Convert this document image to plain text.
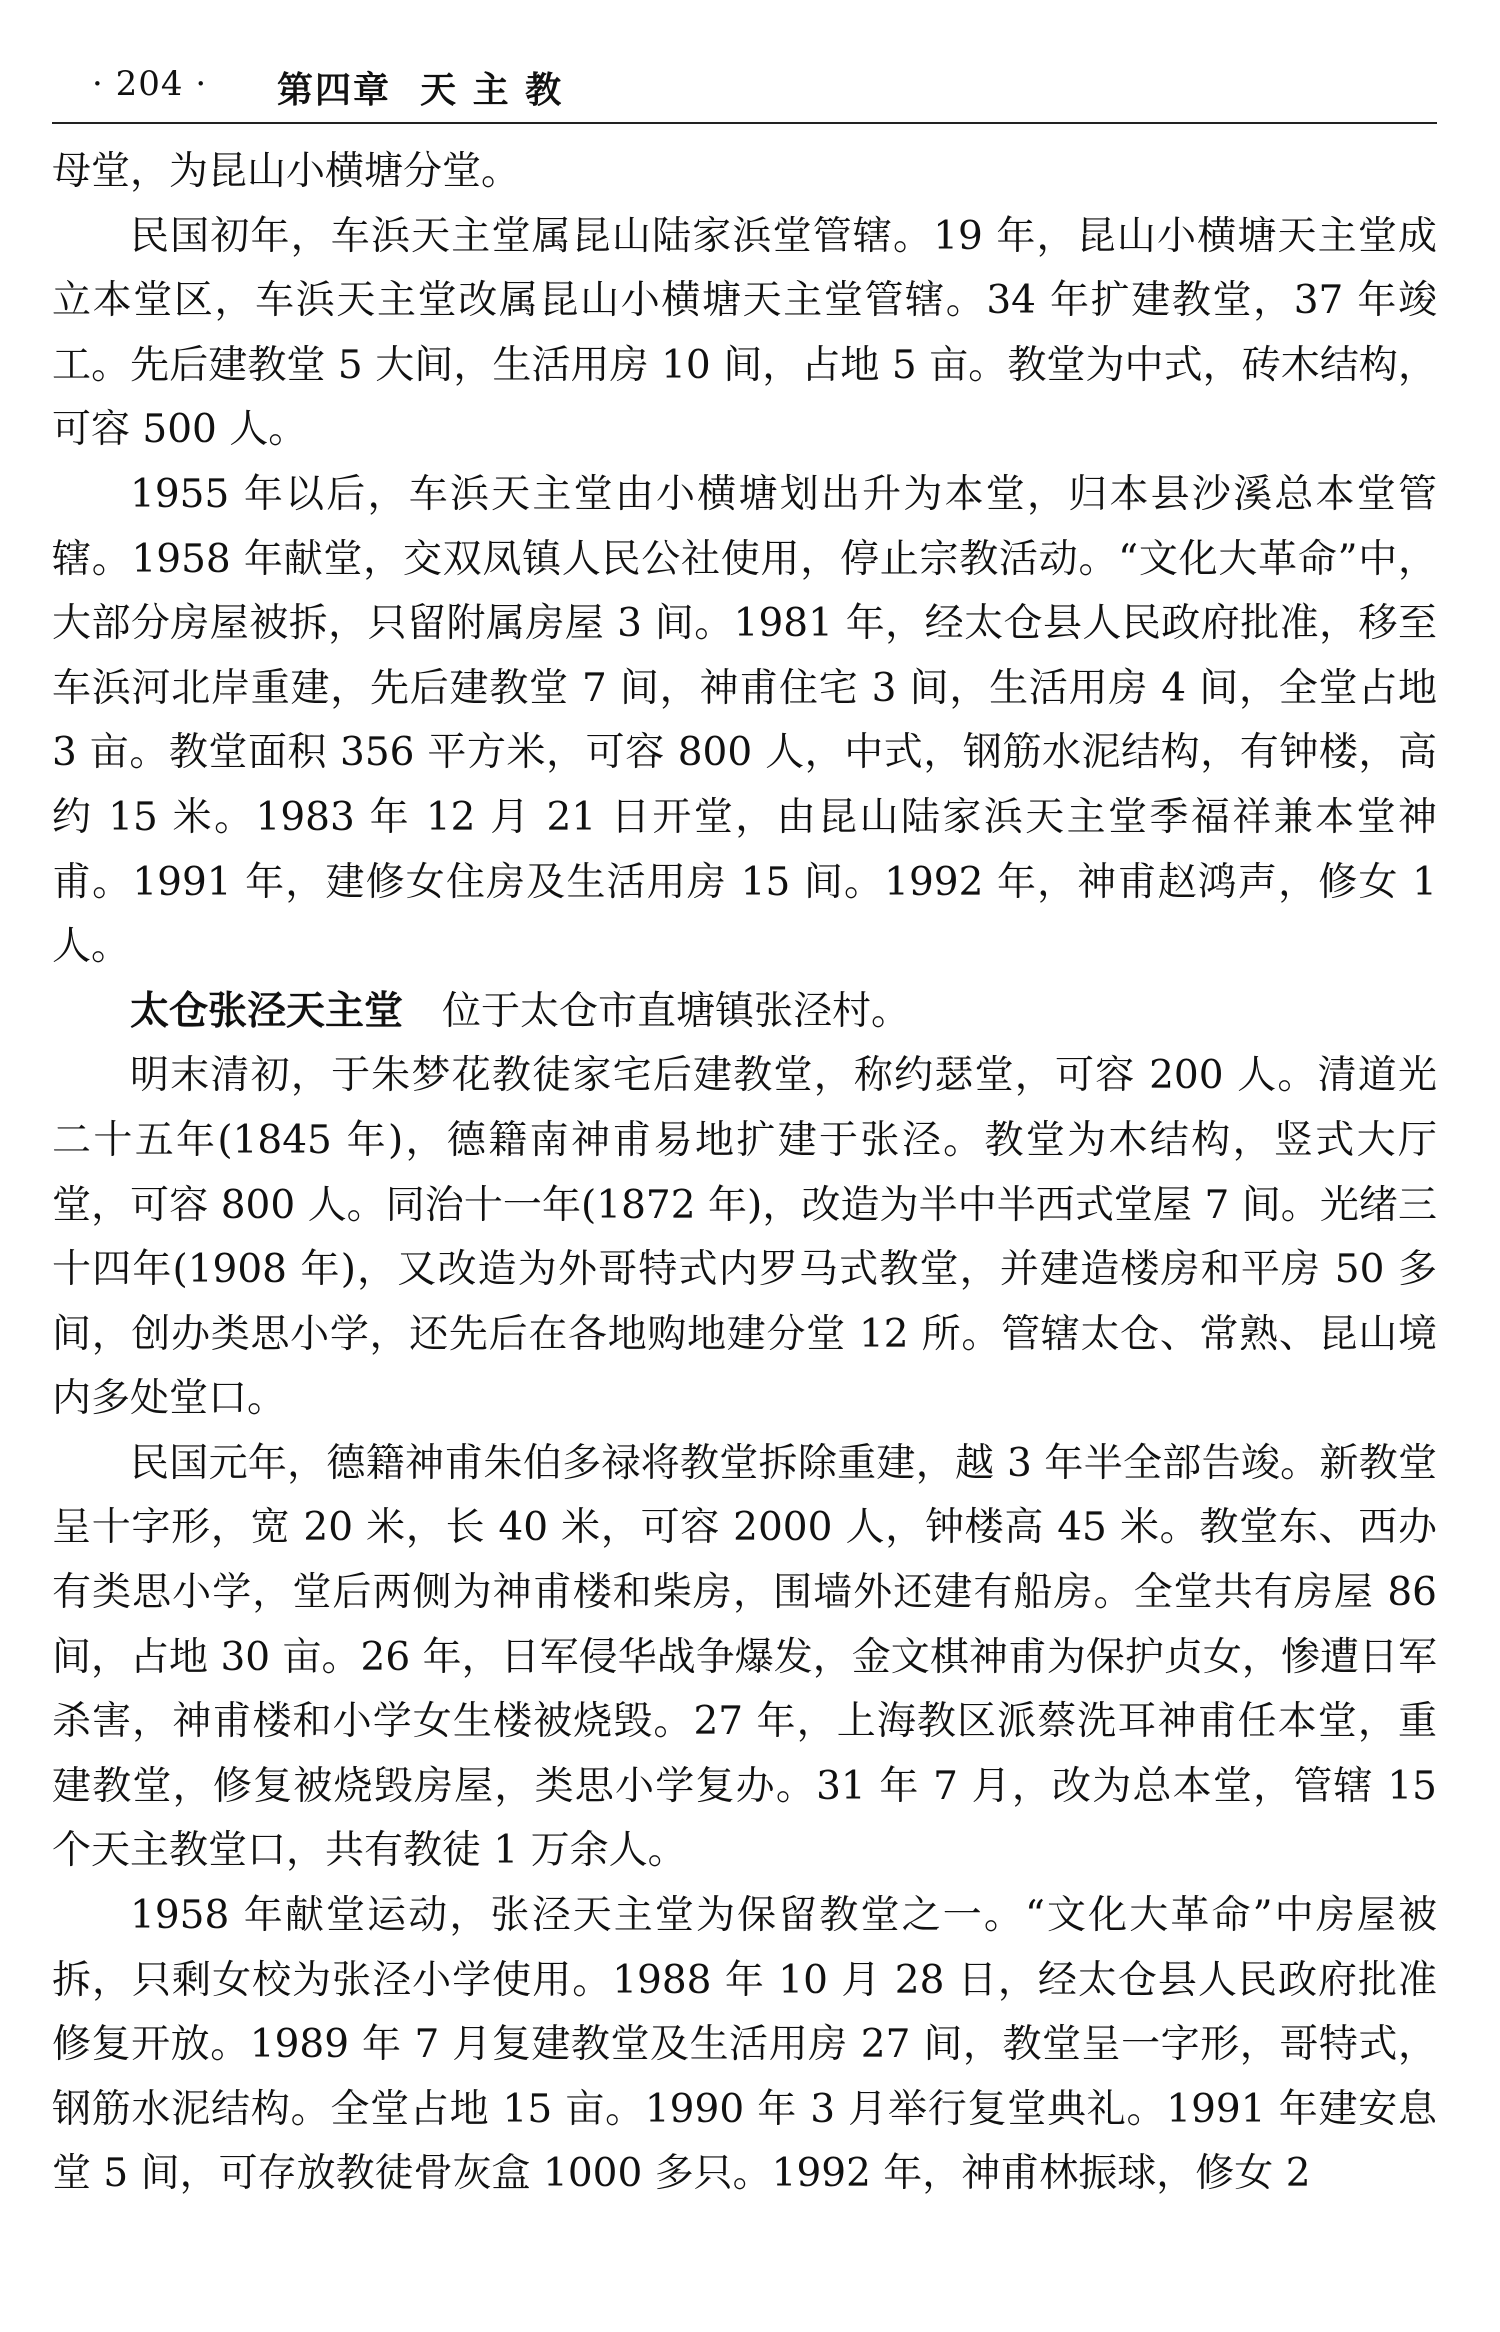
· 204 · 第四章  天 主 教

母堂，为昆山小横塘分堂。

民国初年，车浜天主堂属昆山陆家浜堂管辖。19 年，昆山小横塘天主堂成立本堂区，车浜天主堂改属昆山小横塘天主堂管辖。34 年扩建教堂，37 年竣工。先后建教堂 5 大间，生活用房 10 间，占地 5 亩。教堂为中式，砖木结构，可容 500 人。

1955 年以后，车浜天主堂由小横塘划出升为本堂，归本县沙溪总本堂管辖。1958 年献堂，交双凤镇人民公社使用，停止宗教活动。“文化大革命”中，大部分房屋被拆，只留附属房屋 3 间。1981 年，经太仓县人民政府批准，移至车浜河北岸重建，先后建教堂 7 间，神甫住宅 3 间，生活用房 4 间，全堂占地 3 亩。教堂面积 356 平方米，可容 800 人，中式，钢筋水泥结构，有钟楼，高约 15 米。1983 年 12 月 21 日开堂，由昆山陆家浜天主堂季福祥兼本堂神甫。1991 年，建修女住房及生活用房 15 间。1992 年，神甫赵鸿声，修女 1 人。

太仓张泾天主堂　 位于太仓市直塘镇张泾村。

明末清初，于朱梦花教徒家宅后建教堂，称约瑟堂，可容 200 人。清道光二十五年(1845 年)，德籍南神甫易地扩建于张泾。教堂为木结构，竖式大厅堂，可容 800 人。同治十一年(1872 年)，改造为半中半西式堂屋 7 间。光绪三十四年(1908 年)，又改造为外哥特式内罗马式教堂，并建造楼房和平房 50 多间，创办类思小学，还先后在各地购地建分堂 12 所。管辖太仓、常熟、昆山境内多处堂口。

民国元年，德籍神甫朱伯多禄将教堂拆除重建，越 3 年半全部告竣。新教堂呈十字形，宽 20 米，长 40 米，可容 2000 人，钟楼高 45 米。教堂东、西办有类思小学，堂后两侧为神甫楼和柴房，围墙外还建有船房。全堂共有房屋 86 间，占地 30 亩。26 年，日军侵华战争爆发，金文棋神甫为保护贞女，惨遭日军杀害，神甫楼和小学女生楼被烧毁。27 年，上海教区派蔡洗耳神甫任本堂，重建教堂，修复被烧毁房屋，类思小学复办。31 年 7 月，改为总本堂，管辖 15 个天主教堂口，共有教徒 1 万余人。

1958 年献堂运动，张泾天主堂为保留教堂之一。“文化大革命”中房屋被拆，只剩女校为张泾小学使用。1988 年 10 月 28 日，经太仓县人民政府批准修复开放。1989 年 7 月复建教堂及生活用房 27 间，教堂呈一字形，哥特式，钢筋水泥结构。全堂占地 15 亩。1990 年 3 月举行复堂典礼。1991 年建安息堂 5 间，可存放教徒骨灰盒 1000 多只。1992 年，神甫林振球，修女 2
